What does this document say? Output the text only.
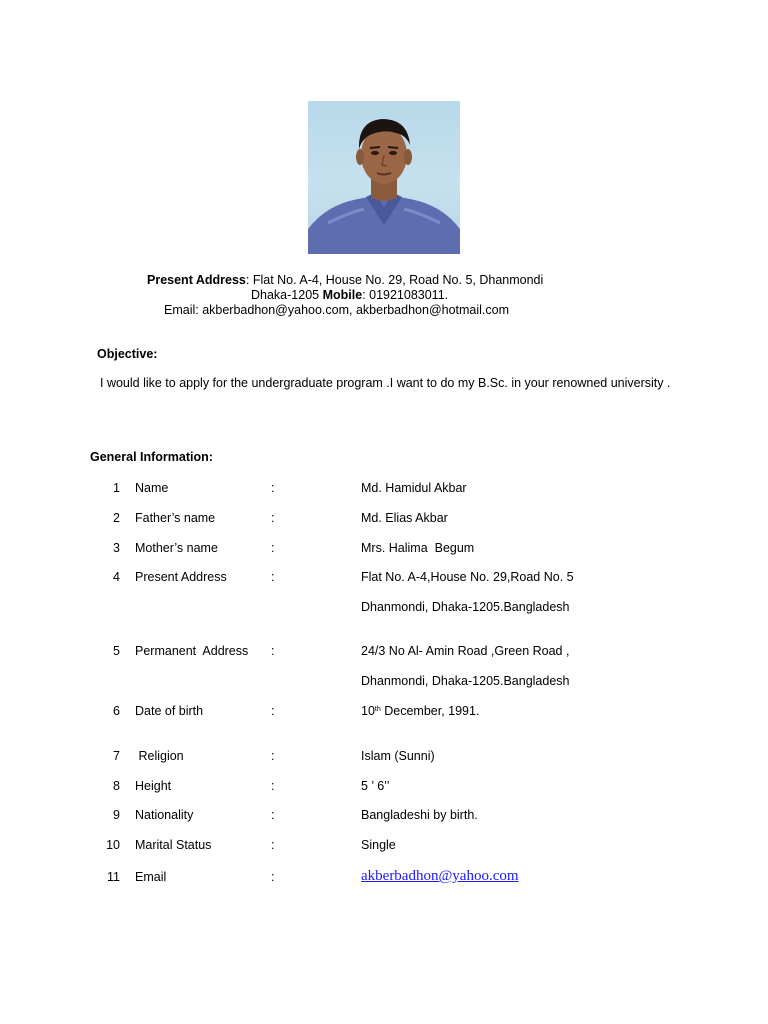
Present Address: Flat No. A-4, House No. 29, Road No. 5, Dhanmondi
Dhaka-1205 Mobile: 01921083011.
Email: akberbadhon@yahoo.com, akberbadhon@hotmail.com
Objective:
I would like to apply for the undergraduate program .I want to do my B.Sc. in your renowned university .
General Information:
1 Name	:	Md. Hamidul Akbar
2 Father’s name	:	Md. Elias Akbar
3 Mother’s name	:	Mrs. Halima  Begum
4 Present Address	:	Flat No. A-4,House No. 29,Road No. 5
Dhanmondi, Dhaka-1205.Bangladesh
5 Permanent  Address :	24/3 No Al- Amin Road ,Green Road ,
Dhanmondi, Dhaka-1205.Bangladesh
6 Date of birth	:	10th December, 1991.
7 Religion	:	Islam (Sunni)
8 Height	:	5 ’ 6’’
9 Nationality	:	Bangladeshi by birth.
10 Marital Status	:	Single
11 Email	:	akberbadhon@yahoo.com
